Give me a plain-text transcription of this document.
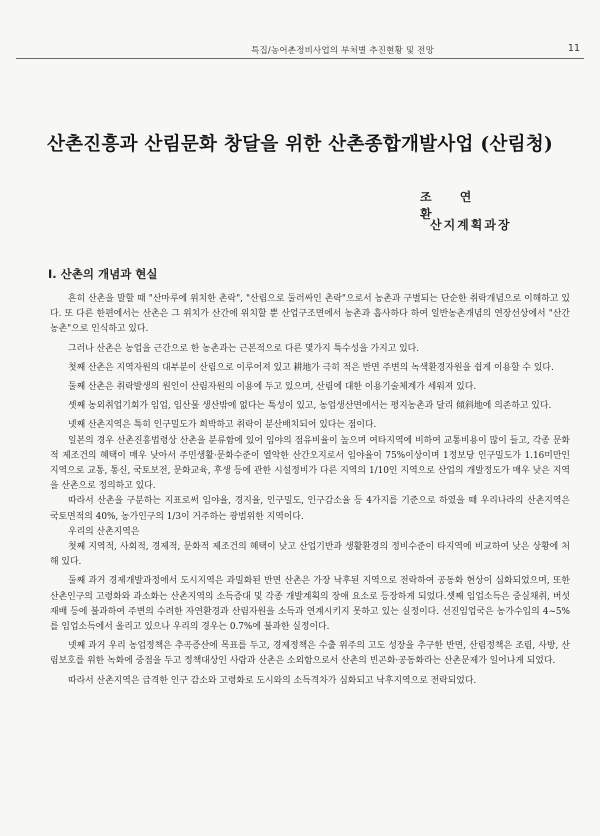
특집/농어촌정비사업의 부처별 추진현황 및 전망	11
산촌진흥과 산림문화 창달을 위한 산촌종합개발사업 (산림청)
조 연 환
산지계획과장
Ⅰ. 산촌의 개념과 현실

흔히 산촌을 말할 때 "산마루에 위치한 촌락", "산림으로 둘러싸인 촌락"으로서 농촌과 구별되는 단순한 취락개념으로 이해하고 있다. 또 다른 한편에서는 산촌은 그 위치가 산간에 위치할 뿐 산업구조면에서 농촌과 흡사하다 하여 일반농촌개념의 연장선상에서 "산간농촌"으로 인식하고 있다.

그러나 산촌은 농업을 근간으로 한 농촌과는 근본적으로 다른 몇가지 특수성을 가지고 있다.

첫째 산촌은 지역자원의 대부분이 산림으로 이루어져 있고 耕地가 극히 적은 반면 주변의 녹색환경자원을 쉽게 이용할 수 있다.

둘째 산촌은 취락발생의 원인이 산림자원의 이용에 두고 있으며, 산림에 대한 이용기술체계가 세워져 있다.

셋째 농외취업기회가 임업, 임산물 생산밖에 없다는 특성이 있고, 농업생산면에서는 평지농촌과 달리 傾斜地에 의존하고 있다.

넷째 산촌지역은 특히 인구밀도가 희박하고 취락이 분산배치되어 있다는 점이다.

일본의 경우 산촌진흥법령상 산촌을 분류함에 있어 임야의 점유비율이 높으며 여타지역에 비하여 교통비용이 많이 들고, 각종 문화적 제조건의 혜택이 매우 낮아서 주민생활·문화수준이 열악한 산간오지로서 임야율이 75%이상이며 1정보당 인구밀도가 1.16미만인 지역으로 교통, 통신, 국토보전, 문화교육, 후생 등에 관한 시설정비가 다른 지역의 1/10인 지역으로 산업의 개발정도가 매우 낮은 지역을 산촌으로 정의하고 있다.

따라서 산촌을 구분하는 지표로써 임야율, 경지율, 인구밀도, 인구감소율 등 4가지를 기준으로 하였을 때 우리나라의 산촌지역은 국토면적의 40%, 농가인구의 1/3이 거주하는 광범위한 지역이다.

우리의 산촌지역은

첫째 지역적, 사회적, 경제적, 문화적 제조건의 혜택이 낮고 산업기반과 생활환경의 정비수준이 타지역에 비교하여 낮은 상황에 처해 있다.

둘째 과거 경제개발과정에서 도시지역은 과밀화된 반면 산촌은 가장 낙후된 지역으로 전락하여 공동화 현상이 심화되었으며, 또한 산촌인구의 고령화와 과소화는 산촌지역의 소득증대 및 각종 개발계획의 장애 요소로 등장하게 되었다.셋째 임업소득은 중실채취, 버섯재배 등에 불과하여 주변의 수려한 자연환경과 산림자원을 소득과 연계시키지 못하고 있는 실정이다. 선진임업국은 농가수입의 4~5%를 임업소득에서 올리고 있으나 우리의 경우는 0.7%에 불과한 실정이다.

넷째 과거 우리 농업정책은 추곡증산에 목표를 두고, 경제정책은 수출 위주의 고도 성장을 추구한 반면, 산림정책은 조림, 사방, 산림보호를 위한 녹화에 중점을 두고 정책대상인 사람과 산촌은 소외함으로서 산촌의 빈곤화·공동화라는 산촌문제가 일어나게 되었다.

따라서 산촌지역은 급격한 인구 감소와 고령화로 도시와의 소득격차가 심화되고 낙후지역으로 전락되었다.
